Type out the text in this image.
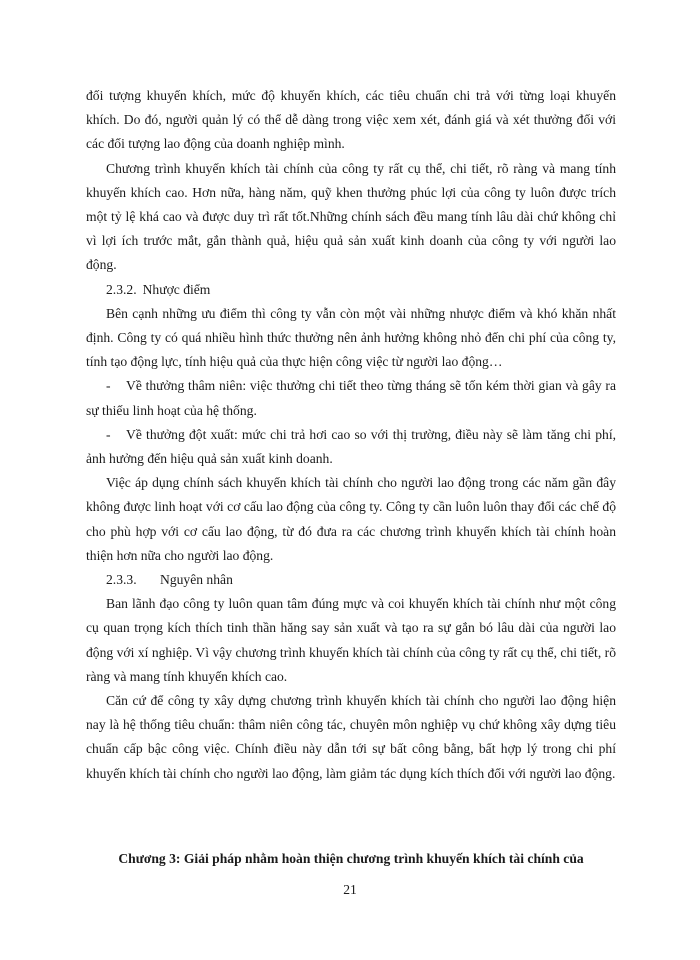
đối tượng khuyến khích, mức độ khuyến khích, các tiêu chuẩn chi trả với từng loại khuyến khích. Do đó, người quản lý có thể dễ dàng trong việc xem xét, đánh giá và xét thưởng đối với các đối tượng lao động của doanh nghiệp mình.

Chương trình khuyến khích tài chính của công ty rất cụ thể, chi tiết, rõ ràng và mang tính khuyến khích cao. Hơn nữa, hàng năm, quỹ khen thưởng phúc lợi của công ty luôn được trích một tỷ lệ khá cao và được duy trì rất tốt.Những chính sách đều mang tính lâu dài chứ không chỉ vì lợi ích trước mắt, gắn thành quả, hiệu quả sản xuất kinh doanh của công ty với người lao động.

2.3.2. Nhược điểm

Bên cạnh những ưu điểm thì công ty vẫn còn một vài những nhược điểm và khó khăn nhất định. Công ty có quá nhiều hình thức thưởng nên ảnh hưởng không nhỏ đến chi phí của công ty, tính tạo động lực, tính hiệu quả của thực hiện công việc từ người lao động…

- Về thưởng thâm niên: việc thưởng chi tiết theo từng tháng sẽ tốn kém thời gian và gây ra sự thiếu linh hoạt của hệ thống.

- Về thưởng đột xuất: mức chi trả hơi cao so với thị trường, điều này sẽ làm tăng chi phí, ảnh hưởng đến hiệu quả sản xuất kinh doanh.

Việc áp dụng chính sách khuyến khích tài chính cho người lao động trong các năm gần đây không được linh hoạt với cơ cấu lao động của công ty. Công ty cần luôn luôn thay đổi các chế độ cho phù hợp với cơ cấu lao động, từ đó đưa ra các chương trình khuyến khích tài chính hoàn thiện hơn nữa cho người lao động.

2.3.3. Nguyên nhân

Ban lãnh đạo công ty luôn quan tâm đúng mực và coi khuyến khích tài chính như một công cụ quan trọng kích thích tinh thần hăng say sản xuất và tạo ra sự gắn bó lâu dài của người lao động với xí nghiệp. Vì vậy chương trình khuyến khích tài chính của công ty rất cụ thể, chi tiết, rõ ràng và mang tính khuyến khích cao.

Căn cứ để công ty xây dựng chương trình khuyến khích tài chính cho người lao động hiện nay là hệ thống tiêu chuẩn: thâm niên công tác, chuyên môn nghiệp vụ chứ không xây dựng tiêu chuẩn cấp bậc công việc. Chính điều này dẫn tới sự bất công bằng, bất hợp lý trong chi phí khuyến khích tài chính cho người lao động, làm giảm tác dụng kích thích đối với người lao động.

Chương 3: Giải pháp nhằm hoàn thiện chương trình khuyến khích tài chính của

21
